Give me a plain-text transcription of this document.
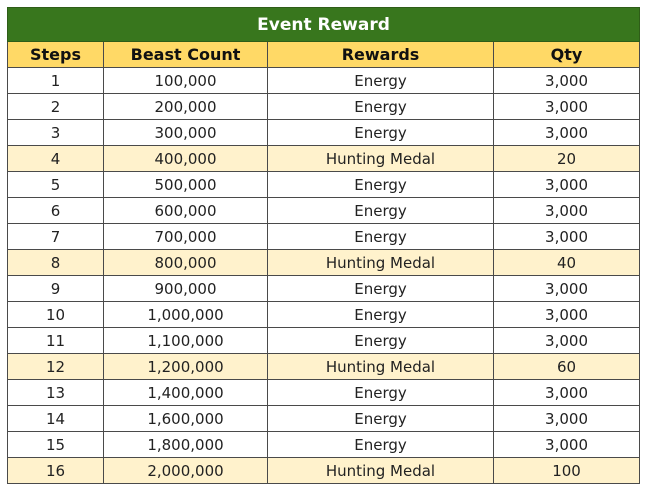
Event Reward			
Steps	Beast Count	Rewards	Qty
1	100,000	Energy	3,000
2	200,000	Energy	3,000
3	300,000	Energy	3,000
4	400,000	Hunting Medal	20
5	500,000	Energy	3,000
6	600,000	Energy	3,000
7	700,000	Energy	3,000
8	800,000	Hunting Medal	40
9	900,000	Energy	3,000
10	1,000,000	Energy	3,000
11	1,100,000	Energy	3,000
12	1,200,000	Hunting Medal	60
13	1,400,000	Energy	3,000
14	1,600,000	Energy	3,000
15	1,800,000	Energy	3,000
16	2,000,000	Hunting Medal	100
